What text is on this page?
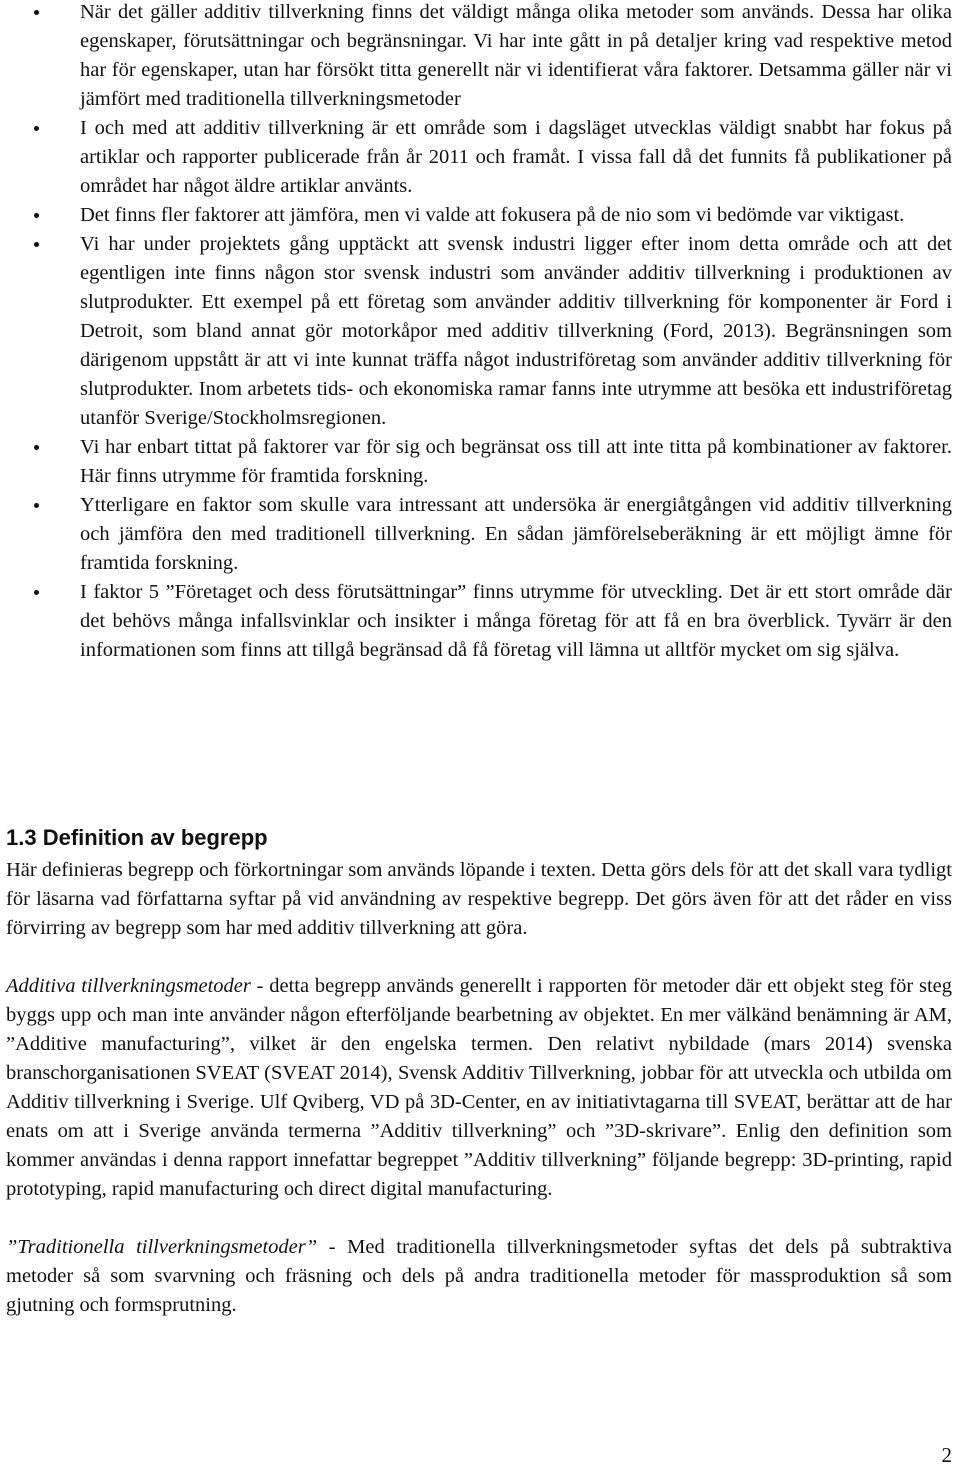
När det gäller additiv tillverkning finns det väldigt många olika metoder som används. Dessa har olika egenskaper, förutsättningar och begränsningar. Vi har inte gått in på detaljer kring vad respektive metod har för egenskaper, utan har försökt titta generellt när vi identifierat våra faktorer. Detsamma gäller när vi jämfört med traditionella tillverkningsmetoder
I och med att additiv tillverkning är ett område som i dagsläget utvecklas väldigt snabbt har fokus på artiklar och rapporter publicerade från år 2011 och framåt. I vissa fall då det funnits få publikationer på området har något äldre artiklar använts.
Det finns fler faktorer att jämföra, men vi valde att fokusera på de nio som vi bedömde var viktigast.
Vi har under projektets gång upptäckt att svensk industri ligger efter inom detta område och att det egentligen inte finns någon stor svensk industri som använder additiv tillverkning i produktionen av slutprodukter. Ett exempel på ett företag som använder additiv tillverkning för komponenter är Ford i Detroit, som bland annat gör motorkåpor med additiv tillverkning (Ford, 2013). Begränsningen som därigenom uppstått är att vi inte kunnat träffa något industriföretag som använder additiv tillverkning för slutprodukter. Inom arbetets tids- och ekonomiska ramar fanns inte utrymme att besöka ett industriföretag utanför Sverige/Stockholmsregionen.
Vi har enbart tittat på faktorer var för sig och begränsat oss till att inte titta på kombinationer av faktorer. Här finns utrymme för framtida forskning.
Ytterligare en faktor som skulle vara intressant att undersöka är energiåtgången vid additiv tillverkning och jämföra den med traditionell tillverkning. En sådan jämförelseberäkning är ett möjligt ämne för framtida forskning.
I faktor 5 ”Företaget och dess förutsättningar” finns utrymme för utveckling. Det är ett stort område där det behövs många infallsvinklar och insikter i många företag för att få en bra överblick. Tyvärr är den informationen som finns att tillgå begränsad då få företag vill lämna ut alltför mycket om sig själva.
1.3 Definition av begrepp

Här definieras begrepp och förkortningar som används löpande i texten. Detta görs dels för att det skall vara tydligt för läsarna vad författarna syftar på vid användning av respektive begrepp. Det görs även för att det råder en viss förvirring av begrepp som har med additiv tillverkning att göra.

Additiva tillverkningsmetoder - detta begrepp används generellt i rapporten för metoder där ett objekt steg för steg byggs upp och man inte använder någon efterföljande bearbetning av objektet. En mer välkänd benämning är AM, ”Additive manufacturing”, vilket är den engelska termen. Den relativt nybildade (mars 2014) svenska branschorganisationen SVEAT (SVEAT 2014), Svensk Additiv Tillverkning, jobbar för att utveckla och utbilda om Additiv tillverkning i Sverige. Ulf Qviberg, VD på 3D-Center, en av initiativtagarna till SVEAT, berättar att de har enats om att i Sverige använda termerna ”Additiv tillverkning” och ”3D-skrivare”. Enlig den definition som kommer användas i denna rapport innefattar begreppet ”Additiv tillverkning” följande begrepp: 3D-printing, rapid prototyping, rapid manufacturing och direct digital manufacturing.

”Traditionella tillverkningsmetoder” - Med traditionella tillverkningsmetoder syftas det dels på subtraktiva metoder så som svarvning och fräsning och dels på andra traditionella metoder för massproduktion så som gjutning och formsprutning.

2
